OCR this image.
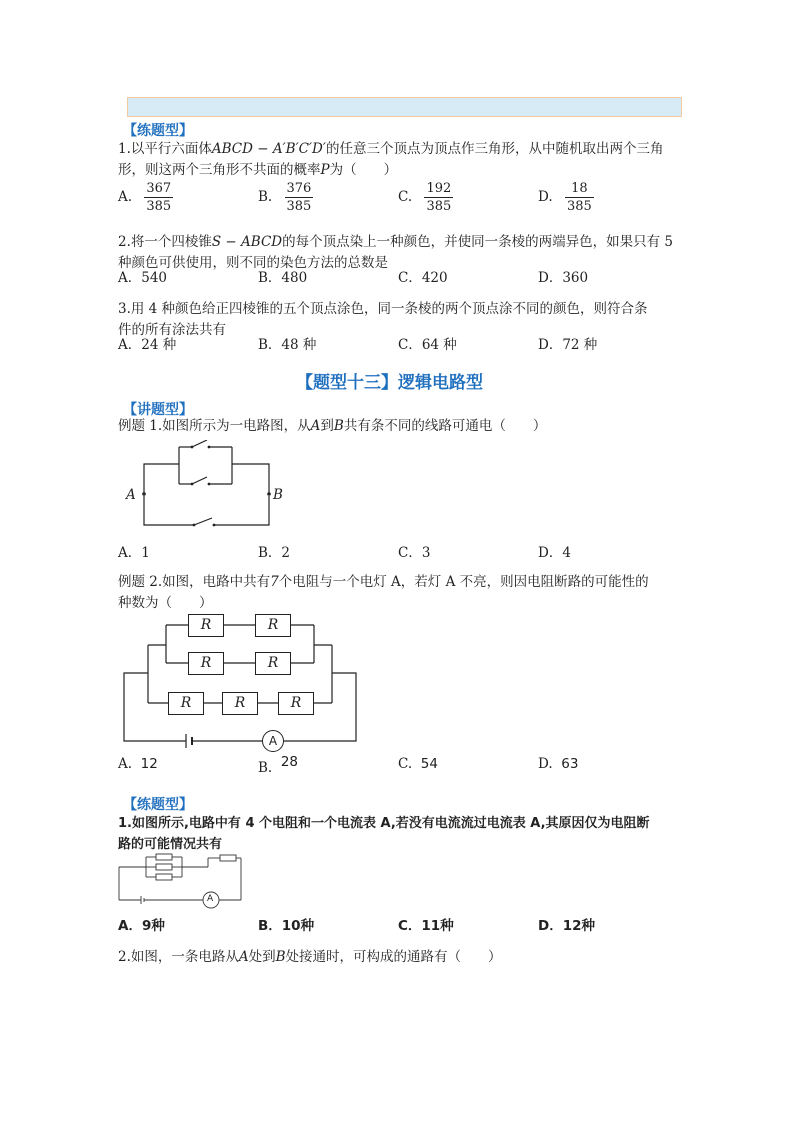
【练题型】
1.以平行六面体ABCD − A′B′C′D′的任意三个顶点为顶点作三角形，从中随机取出两个三角
形，则这两个三角形不共面的概率P为（　　）
A. $\frac{367}{385}$	B. $\frac{376}{385}$	C. $\frac{192}{385}$	D. $\frac{18}{385}$
2.将一个四棱锥S − ABCD的每个顶点染上一种颜色，并使同一条棱的两端异色，如果只有 5
种颜色可供使用，则不同的染色方法的总数是
A．540	B．480	C．420	D．360
3.用 4 种颜色给正四棱锥的五个顶点涂色，同一条棱的两个顶点涂不同的颜色，则符合条
件的所有涂法共有
A．24 种	B．48 种	C．64 种	D．72 种
【题型十三】逻辑电路型
【讲题型】
例题 1.如图所示为一电路图，从A到B共有条不同的线路可通电（　　）
A	B
A．1	B．2	C．3	D．4
例题 2.如图，电路中共有7个电阻与一个电灯 A，若灯 A 不亮，则因电阻断路的可能性的
种数为（　　）
R	R
R	R
R	R	R
A
A. 12	B. 28	C. 54	D. 63
【练题型】
1.如图所示,电路中有 4 个电阻和一个电流表 A,若没有电流流过电流表 A,其原因仅为电阻断
路的可能情况共有
A
A．9种	B．10种	C．11种	D．12种
2.如图，一条电路从A处到B处接通时，可构成的通路有（　　）
